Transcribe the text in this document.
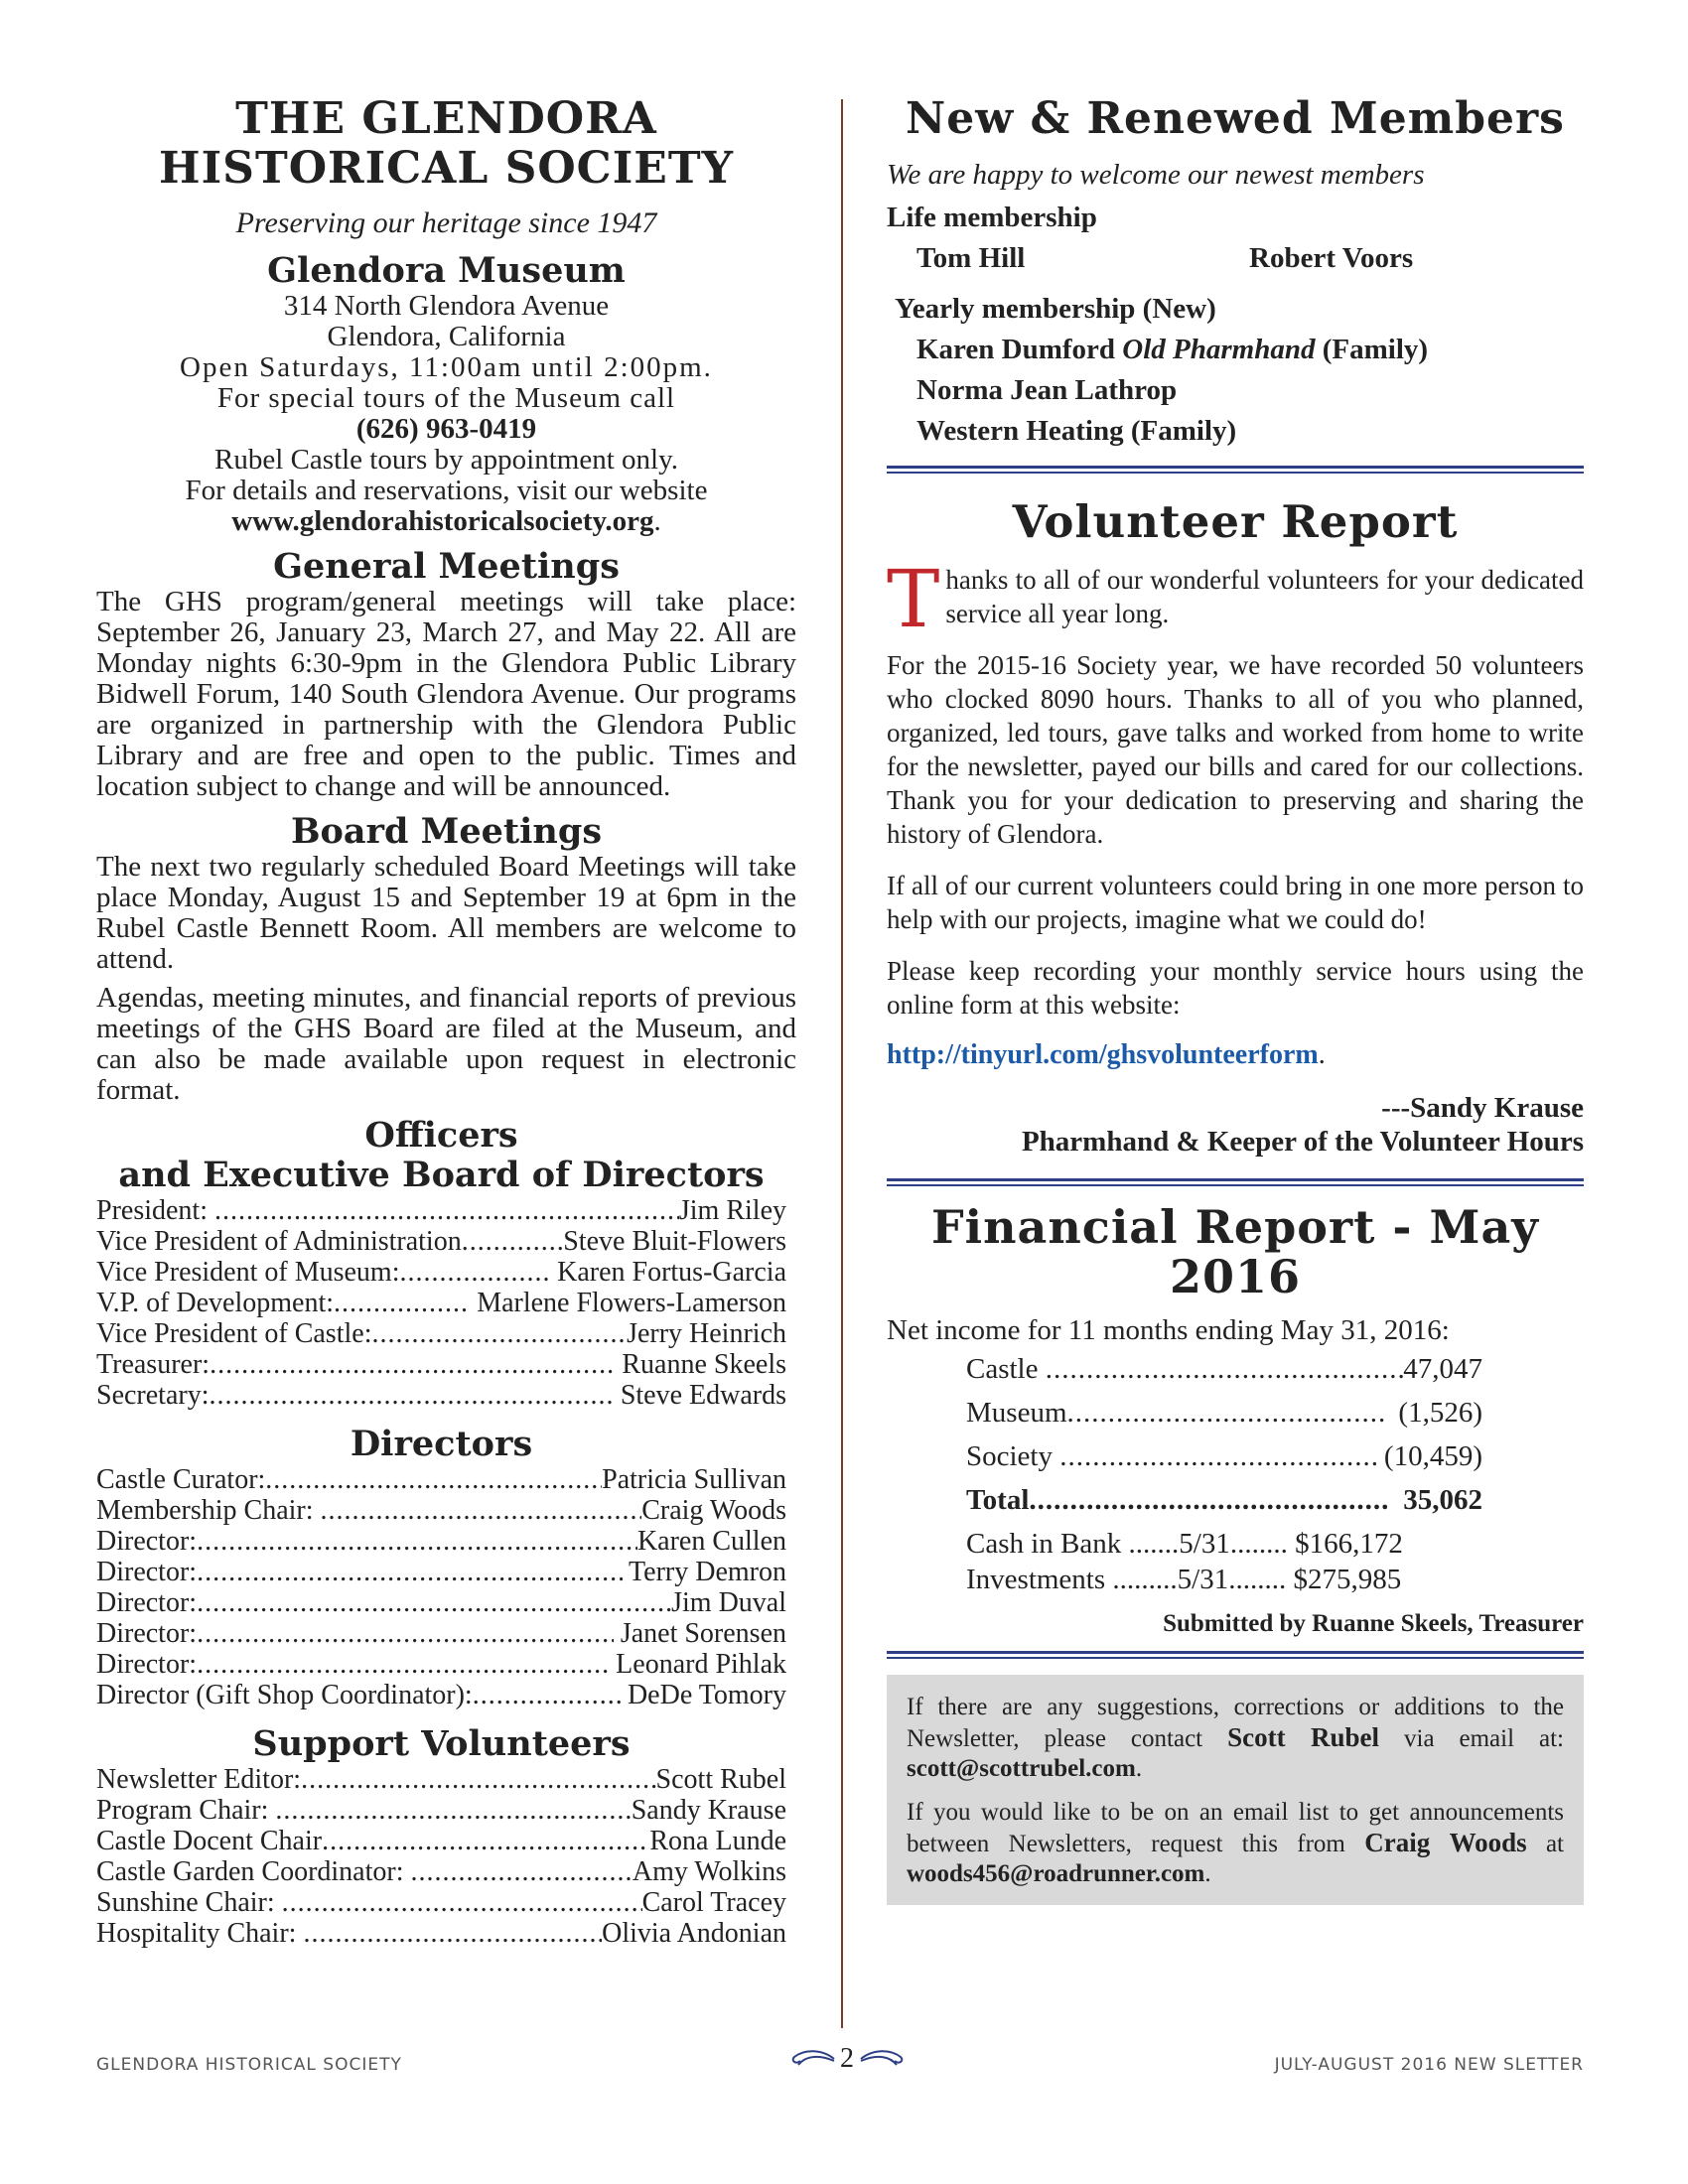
THE GLENDORA
HISTORICAL SOCIETY
Preserving our heritage since 1947
Glendora Museum
314 North Glendora Avenue
Glendora, California
Open Saturdays, 11:00am until 2:00pm.
For special tours of the Museum call
(626) 963-0419
Rubel Castle tours by appointment only.
For details and reservations, visit our website
www.glendorahistoricalsociety.org.
General Meetings
The GHS program/general meetings will take place: September 26, January 23, March 27, and May 22. All are Monday nights 6:30-9pm in the Glendora Public Library Bidwell Forum, 140 South Glendora Avenue. Our programs are organized in partnership with the Glendora Public Library and are free and open to the public. Times and location subject to change and will be announced.
Board Meetings
The next two regularly scheduled Board Meetings will take place Monday, August 15 and September 19 at 6pm in the Rubel Castle Bennett Room. All members are welcome to attend.
Agendas, meeting minutes, and financial reports of previous meetings of the GHS Board are filed at the Museum, and can also be made available upon request in electronic format.
Officers
and Executive Board of Directors
President: .....	Jim Riley
Vice President of Administration .....	Steve Bluit-Flowers
Vice President of Museum: .....	Karen Fortus-Garcia
V.P. of Development: .....	Marlene Flowers-Lamerson
Vice President of Castle: .....	Jerry Heinrich
Treasurer: .....	Ruanne Skeels
Secretary: .....	Steve Edwards
Directors
Castle Curator: .....	Patricia Sullivan
Membership Chair: .....	Craig Woods
Director: .....	Karen Cullen
Director: .....	Terry Demron
Director: .....	Jim Duval
Director: .....	Janet Sorensen
Director: .....	Leonard Pihlak
Director (Gift Shop Coordinator): .....	DeDe Tomory
Support Volunteers
Newsletter Editor: .....	Scott Rubel
Program Chair: .....	Sandy Krause
Castle Docent Chair .....	Rona Lunde
Castle Garden Coordinator: .....	Amy Wolkins
Sunshine Chair: .....	Carol Tracey
Hospitality Chair: .....	Olivia Andonian
New & Renewed Members
We are happy to welcome our newest members
Life membership
Tom Hill	Robert Voors
Yearly membership (New)
Karen Dumford Old Pharmhand (Family)
Norma Jean Lathrop
Western Heating (Family)
Volunteer Report
Thanks to all of our wonderful volunteers for your dedicated service all year long.
For the 2015-16 Society year, we have recorded 50 volunteers who clocked 8090 hours. Thanks to all of you who planned, organized, led tours, gave talks and worked from home to write for the newsletter, payed our bills and cared for our collections. Thank you for your dedication to preserving and sharing the history of Glendora.
If all of our current volunteers could bring in one more person to help with our projects, imagine what we could do!
Please keep recording your monthly service hours using the online form at this website:
http://tinyurl.com/ghsvolunteerform.
---Sandy Krause
Pharmhand & Keeper of the Volunteer Hours
Financial Report - May 2016
Net income for 11 months ending May 31, 2016:
Castle .....	47,047
Museum .....	(1,526)
Society .....	(10,459)
Total .....	35,062
Cash in Bank .......5/31........ $166,172
Investments .........5/31........ $275,985
Submitted by Ruanne Skeels, Treasurer
If there are any suggestions, corrections or additions to the Newsletter, please contact Scott Rubel via email at: scott@scottrubel.com.
If you would like to be on an email list to get announcements between Newsletters, request this from Craig Woods at woods456@roadrunner.com.
GLENDORA HISTORICAL SOCIETY	2	JULY-AUGUST 2016 NEW SLETTER
